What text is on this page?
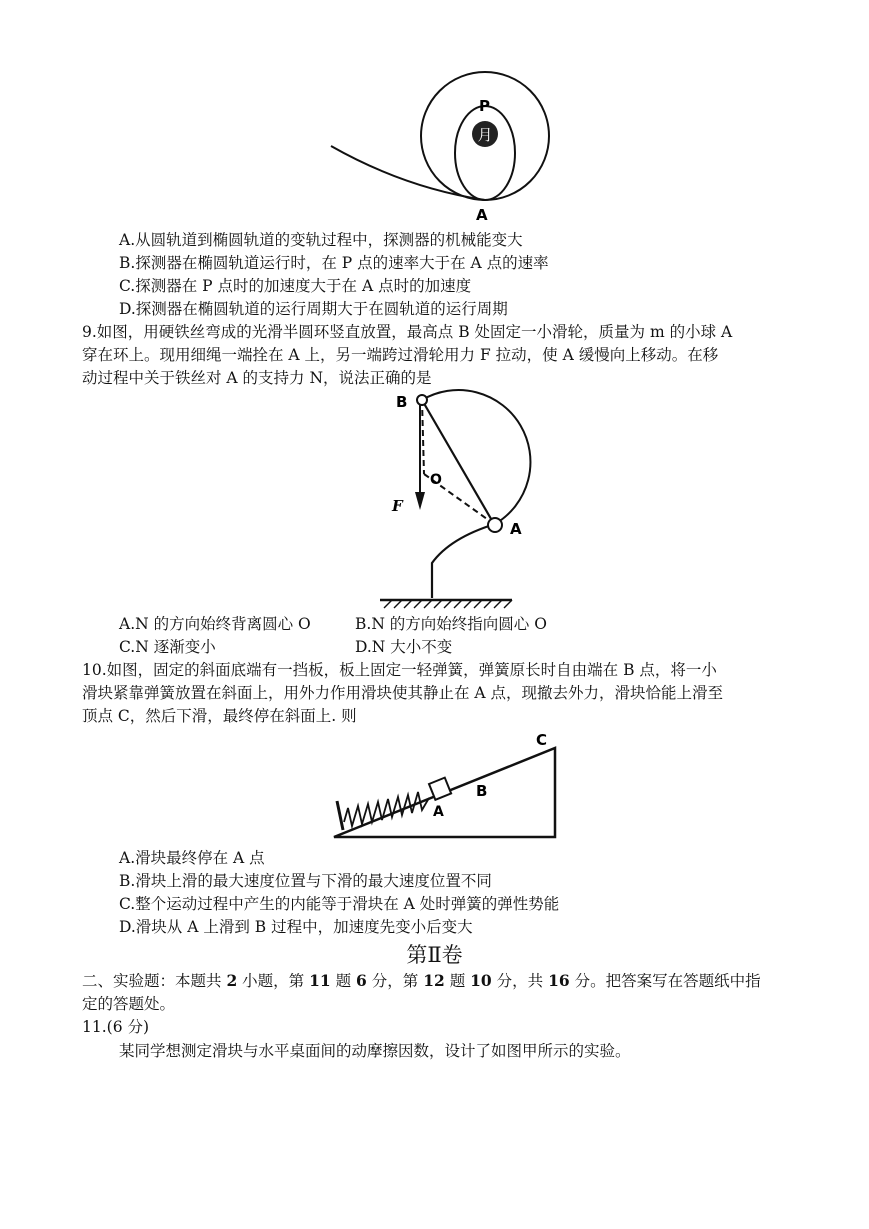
月
P
A
A.从圆轨道到椭圆轨道的变轨过程中，探测器的机械能变大
B.探测器在椭圆轨道运行时，在 P 点的速率大于在 A 点的速率
C.探测器在 P 点时的加速度大于在 A 点时的加速度
D.探测器在椭圆轨道的运行周期大于在圆轨道的运行周期
9.如图，用硬铁丝弯成的光滑半圆环竖直放置，最高点 B 处固定一小滑轮，质量为 m 的小球 A
穿在环上。现用细绳一端拴在 A 上，另一端跨过滑轮用力 F 拉动，使 A 缓慢向上移动。在移
动过程中关于铁丝对 A 的支持力 N，说法正确的是
B
O
F
A
A.N 的方向始终背离圆心 O	B.N 的方向始终指向圆心 O
C.N 逐渐变小	D.N 大小不变
10.如图，固定的斜面底端有一挡板，板上固定一轻弹簧，弹簧原长时自由端在 B 点，将一小
滑块紧靠弹簧放置在斜面上，用外力作用滑块使其静止在 A 点，现撤去外力，滑块恰能上滑至
顶点 C，然后下滑，最终停在斜面上. 则
C
A
B
A.滑块最终停在 A 点
B.滑块上滑的最大速度位置与下滑的最大速度位置不同
C.整个运动过程中产生的内能等于滑块在 A 处时弹簧的弹性势能
D.滑块从 A 上滑到 B 过程中，加速度先变小后变大
第Ⅱ卷
二、实验题：本题共 2 小题，第 11 题 6 分，第 12 题 10 分，共 16 分。把答案写在答题纸中指
定的答题处。
11.(6 分)
某同学想测定滑块与水平桌面间的动摩擦因数，设计了如图甲所示的实验。
